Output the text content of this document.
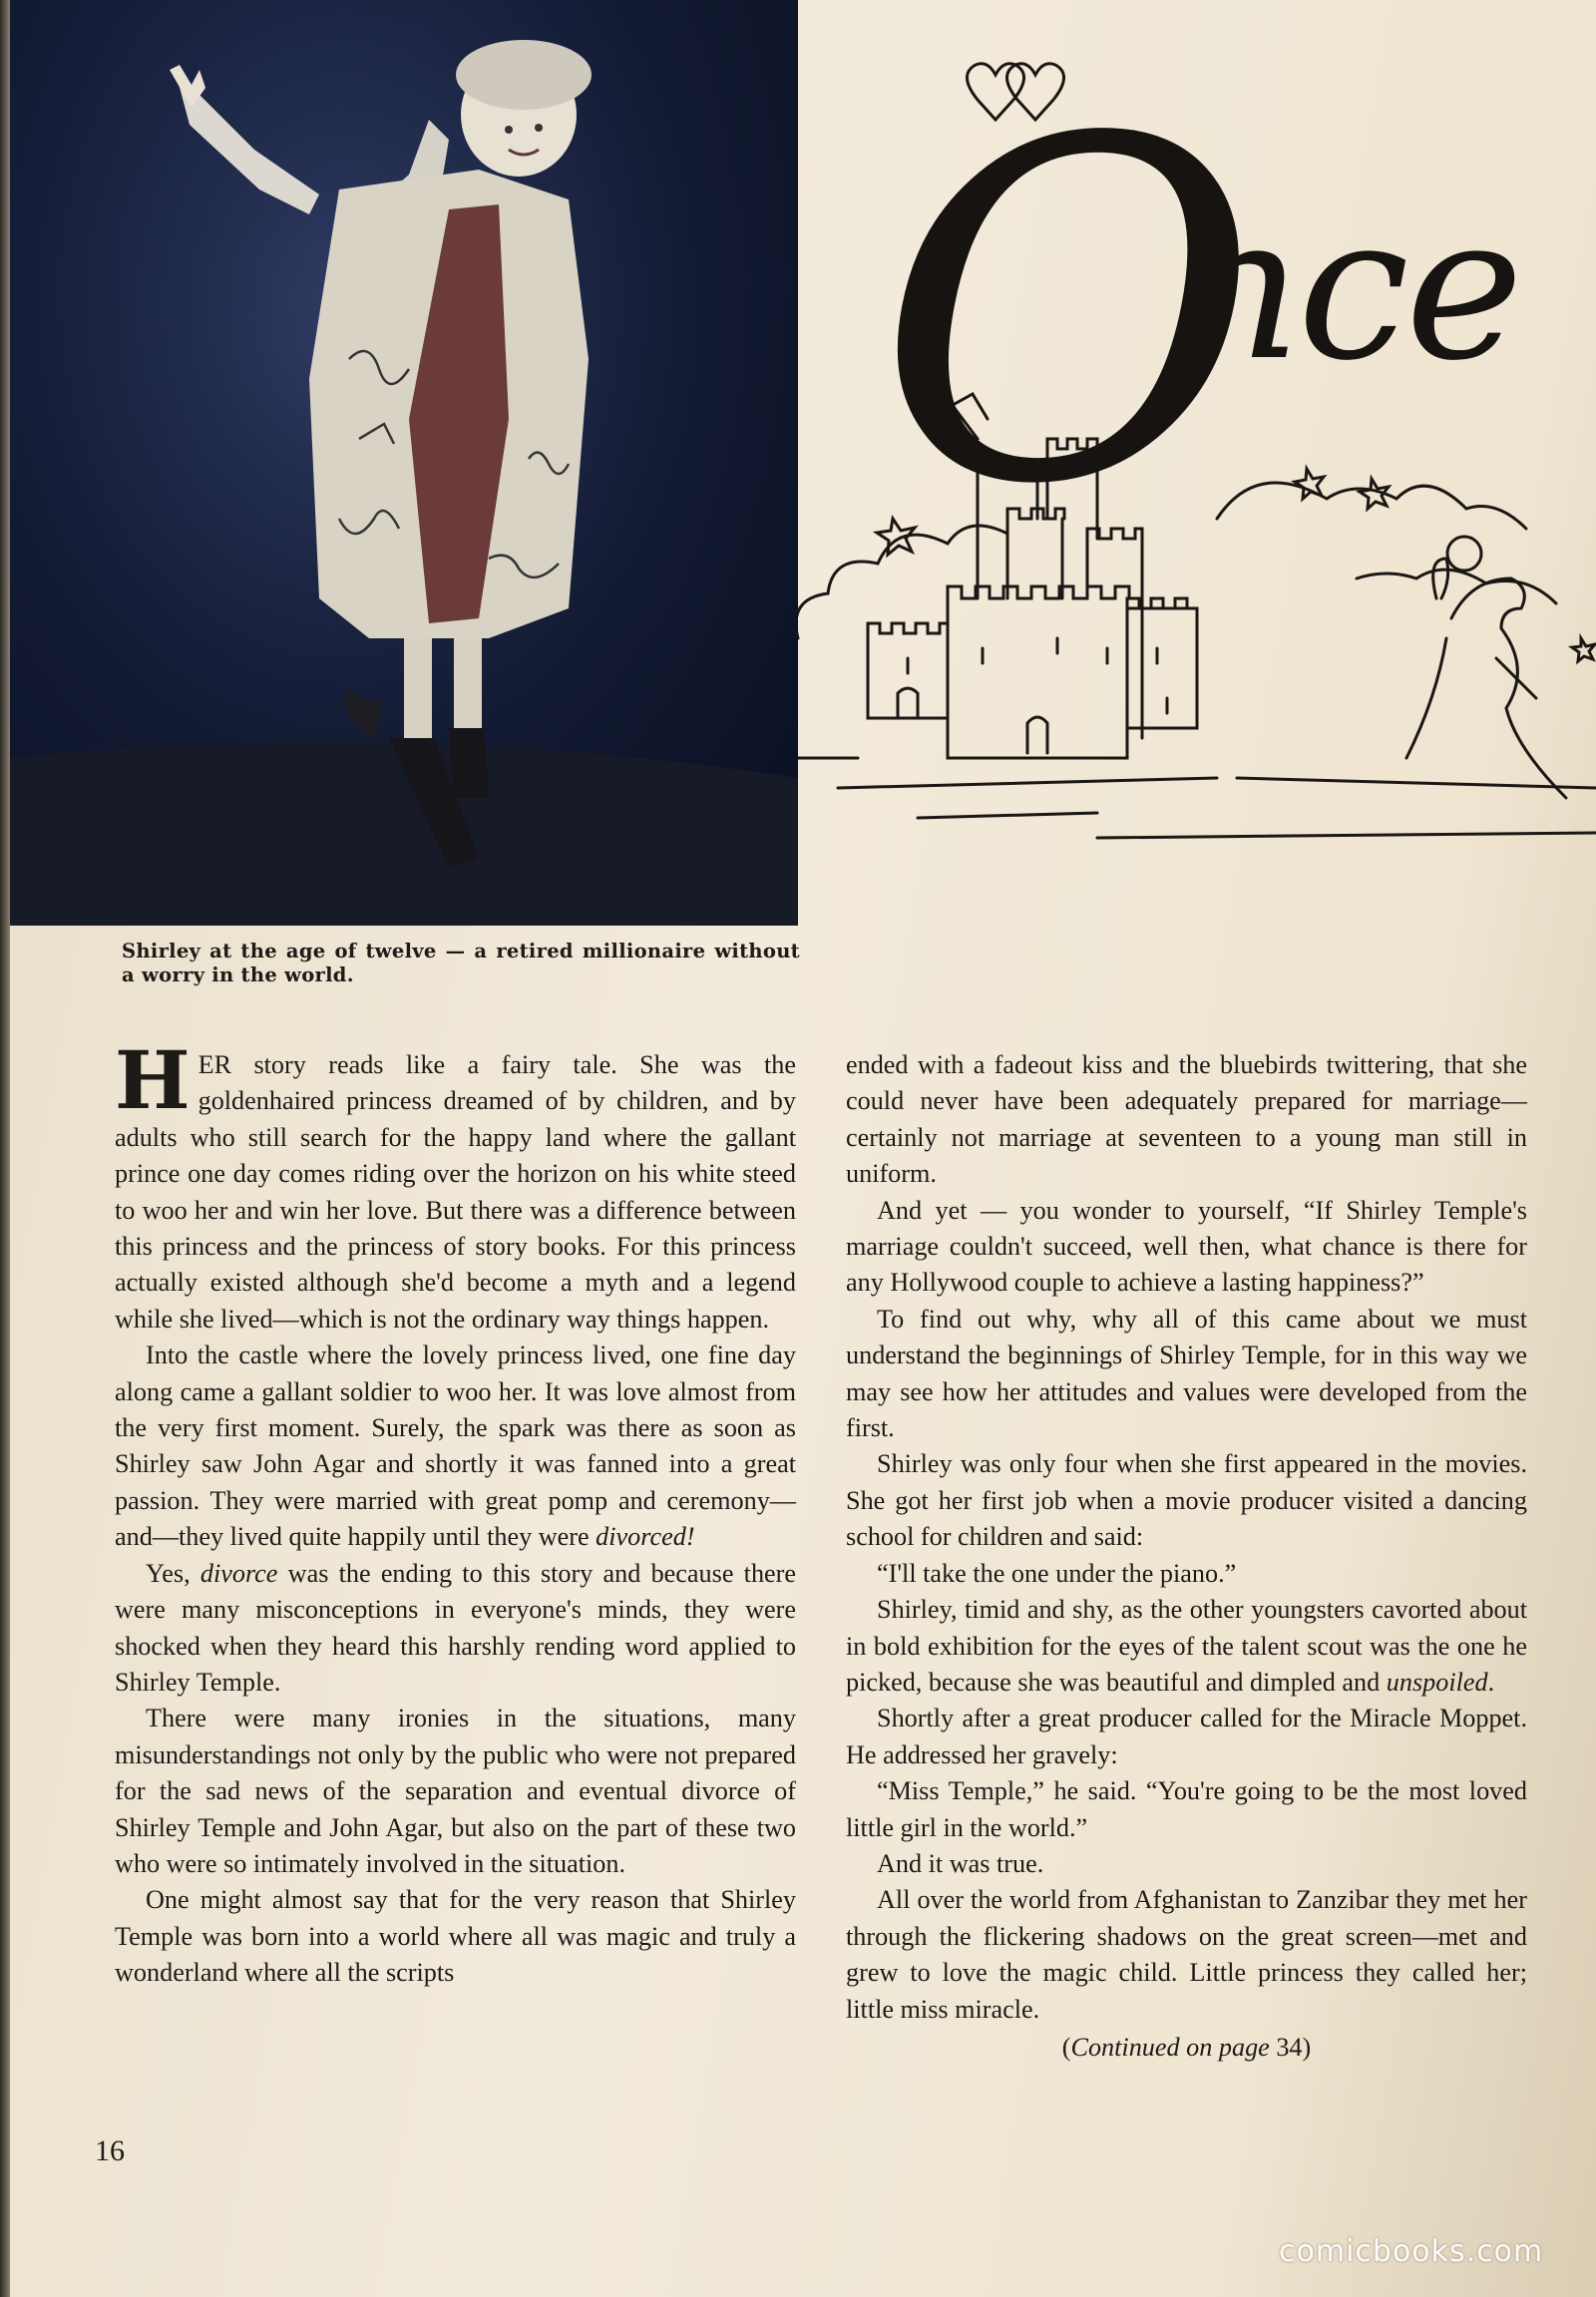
Shirley at the age of twelve — a retired millionaire without a worry in the world.
O
nce

HER story reads like a fairy tale. She was the goldenhaired princess dreamed of by children, and by adults who still search for the happy land where the gallant prince one day comes riding over the horizon on his white steed to woo her and win her love. But there was a difference between this princess and the princess of story books. For this princess actually existed although she'd become a myth and a legend while she lived—which is not the ordinary way things happen.

Into the castle where the lovely princess lived, one fine day along came a gallant soldier to woo her. It was love almost from the very first moment. Surely, the spark was there as soon as Shirley saw John Agar and shortly it was fanned into a great passion. They were married with great pomp and ceremony—and—they lived quite happily until they were divorced!

Yes, divorce was the ending to this story and because there were many misconceptions in everyone's minds, they were shocked when they heard this harshly rending word applied to Shirley Temple.

There were many ironies in the situations, many misunderstandings not only by the public who were not prepared for the sad news of the separation and eventual divorce of Shirley Temple and John Agar, but also on the part of these two who were so intimately involved in the situation.

One might almost say that for the very reason that Shirley Temple was born into a world where all was magic and truly a wonderland where all the scripts

ended with a fadeout kiss and the bluebirds twittering, that she could never have been adequately prepared for marriage—certainly not marriage at seventeen to a young man still in uniform.

And yet — you wonder to yourself, “If Shirley Temple's marriage couldn't succeed, well then, what chance is there for any Hollywood couple to achieve a lasting happiness?”

To find out why, why all of this came about we must understand the beginnings of Shirley Temple, for in this way we may see how her attitudes and values were developed from the first.

Shirley was only four when she first appeared in the movies. She got her first job when a movie producer visited a dancing school for children and said:

“I'll take the one under the piano.”

Shirley, timid and shy, as the other youngsters cavorted about in bold exhibition for the eyes of the talent scout was the one he picked, because she was beautiful and dimpled and unspoiled.

Shortly after a great producer called for the Miracle Moppet. He addressed her gravely:

“Miss Temple,” he said. “You're going to be the most loved little girl in the world.”

And it was true.

All over the world from Afghanistan to Zanzibar they met her through the flickering shadows on the great screen—met and grew to love the magic child. Little princess they called her; little miss miracle.

(Continued on page 34)

16
comicbooks.com
